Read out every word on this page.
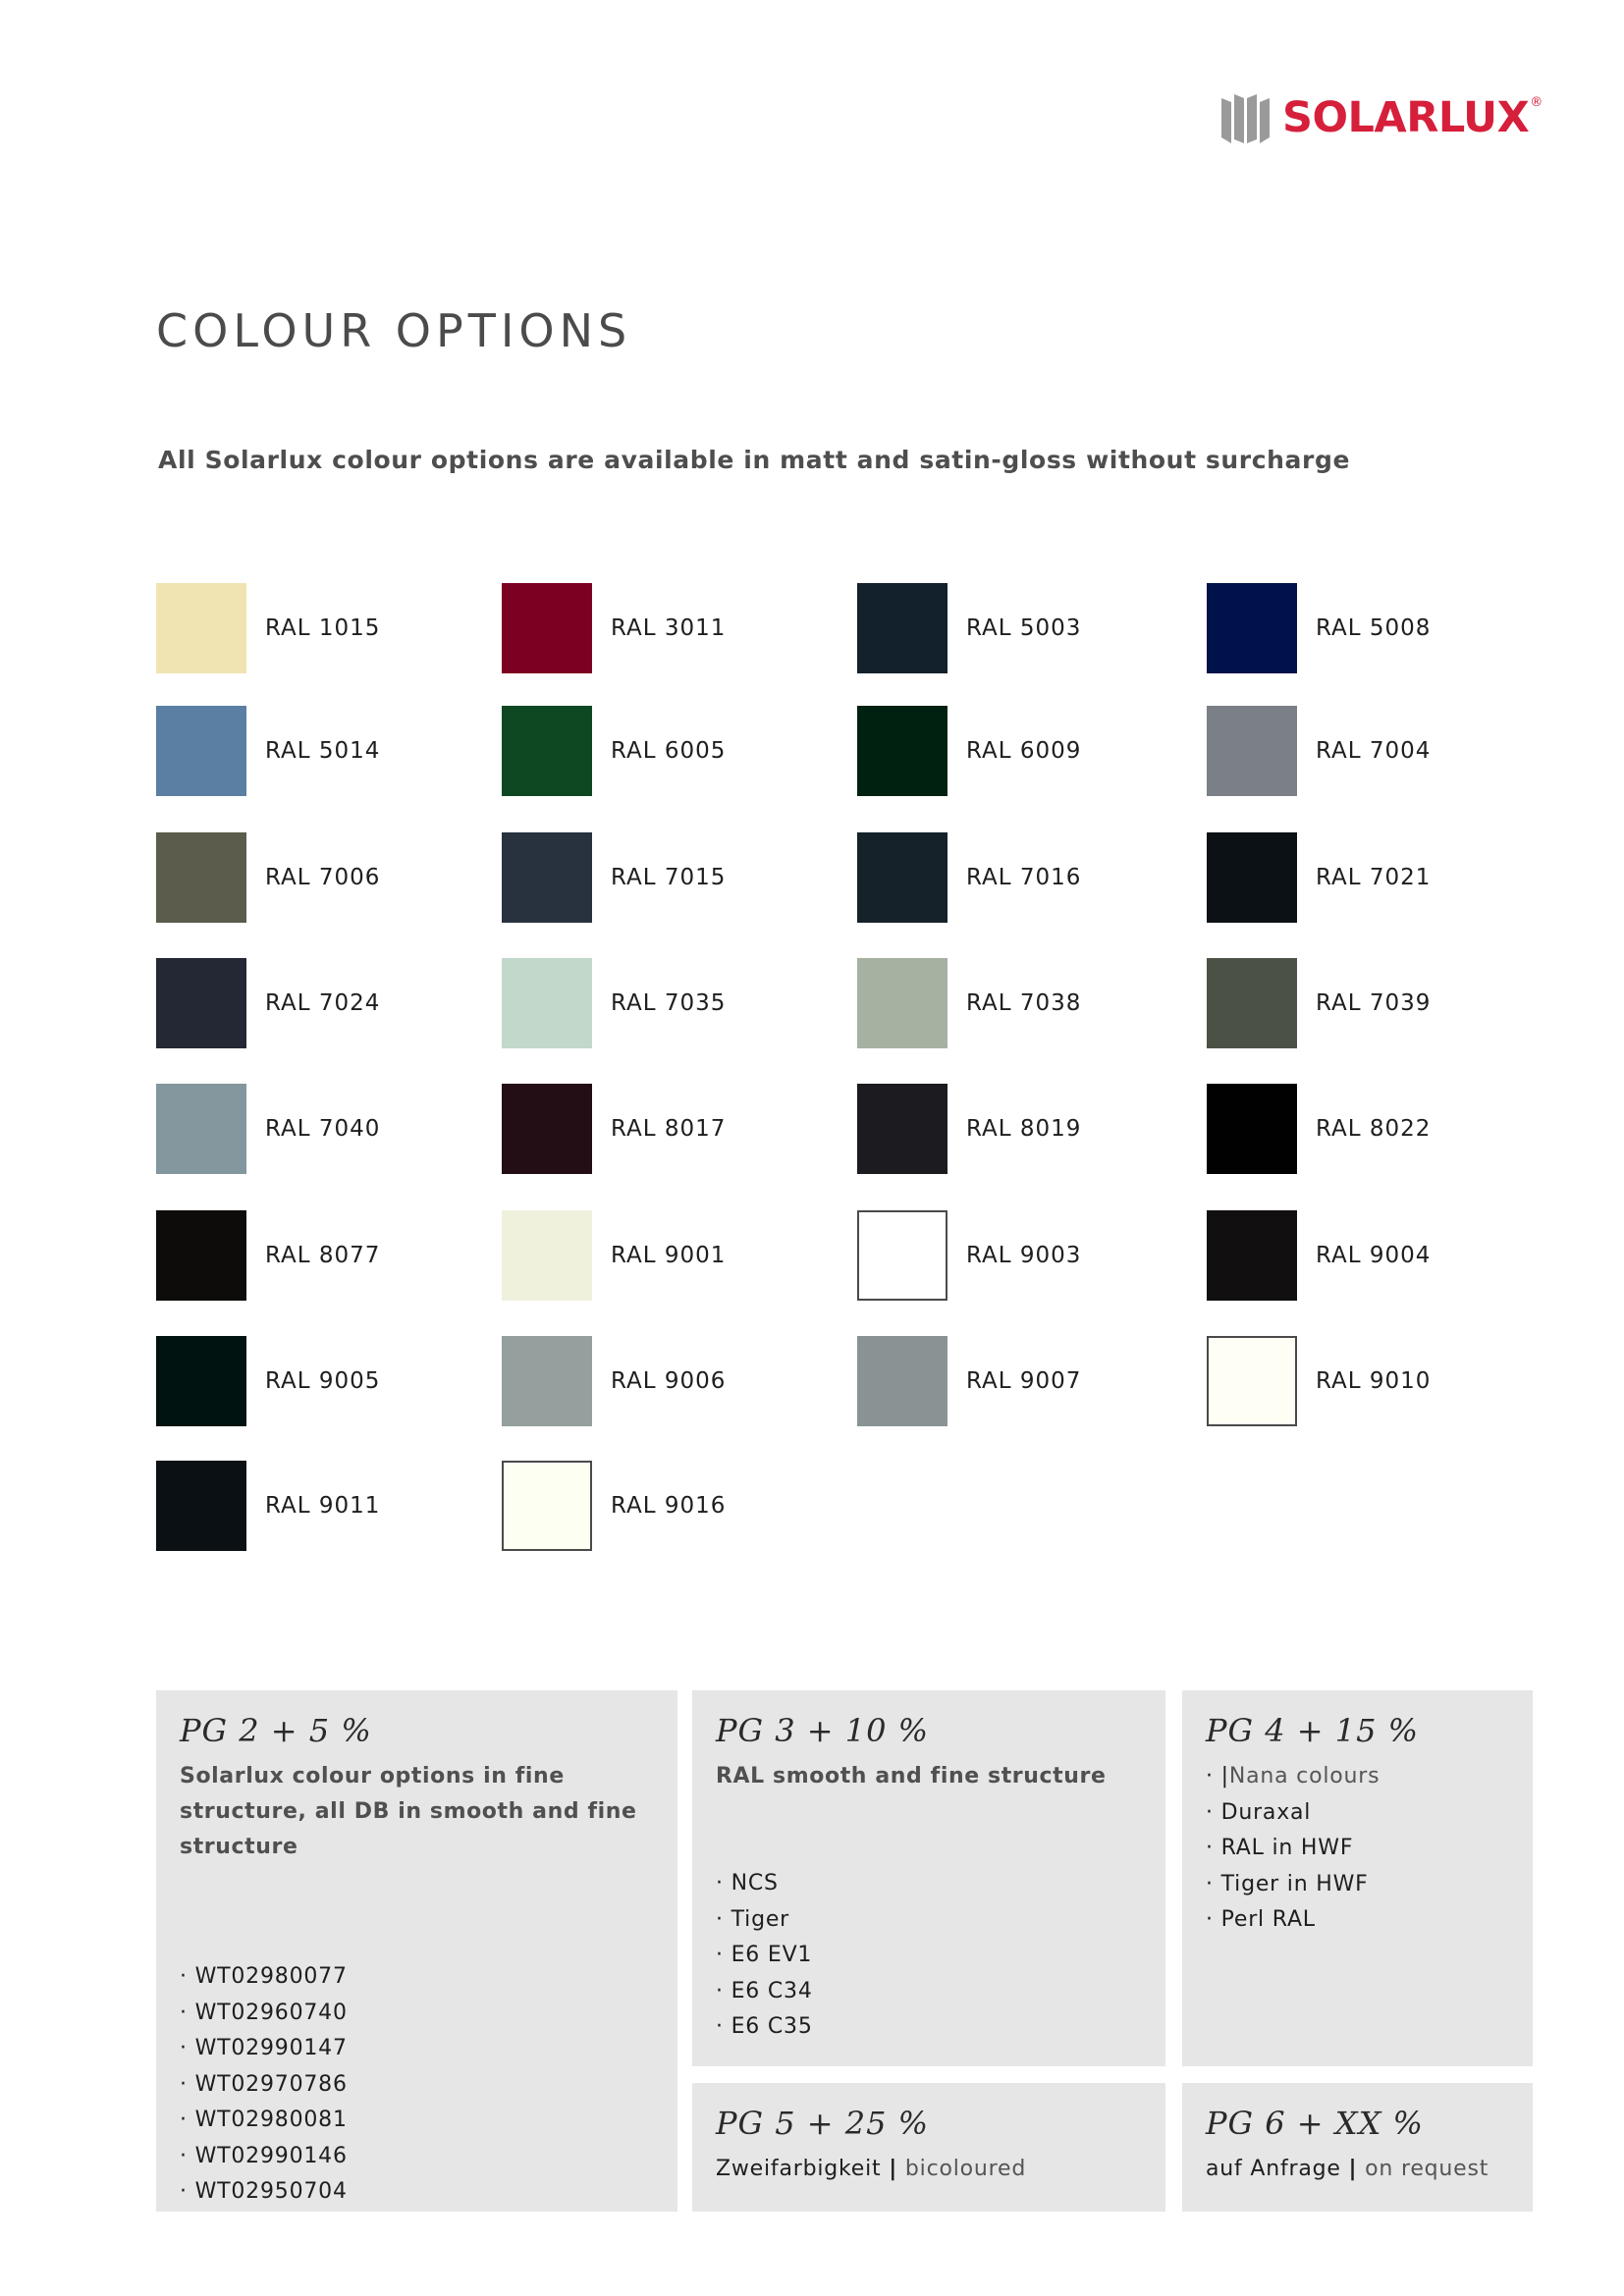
SOLARLUX ®
COLOUR OPTIONS

All Solarlux colour options are available in matt and satin-gloss without surcharge

RAL 1015	RAL 3011	RAL 5003	RAL 5008
RAL 5014	RAL 6005	RAL 6009	RAL 7004
RAL 7006	RAL 7015	RAL 7016	RAL 7021
RAL 7024	RAL 7035	RAL 7038	RAL 7039
RAL 7040	RAL 8017	RAL 8019	RAL 8022
RAL 8077	RAL 9001	RAL 9003	RAL 9004
RAL 9005	RAL 9006	RAL 9007	RAL 9010
RAL 9011	RAL 9016

PG 2 + 5 %

Solarlux colour options in fine structure, all DB in smooth and fine structure

· WT02980077
· WT02960740
· WT02990147
· WT02970786
· WT02980081
· WT02990146
· WT02950704

PG 3 + 10 %

RAL smooth and fine structure

· NCS
· Tiger
· E6 EV1
· E6 C34
· E6 C35

PG 4 + 15 %

· |Nana colours
· Duraxal
· RAL in HWF
· Tiger in HWF
· Perl RAL

PG 5 + 25 %

Zweifarbigkeit | bicoloured

PG 6 + XX %

auf Anfrage | on request
